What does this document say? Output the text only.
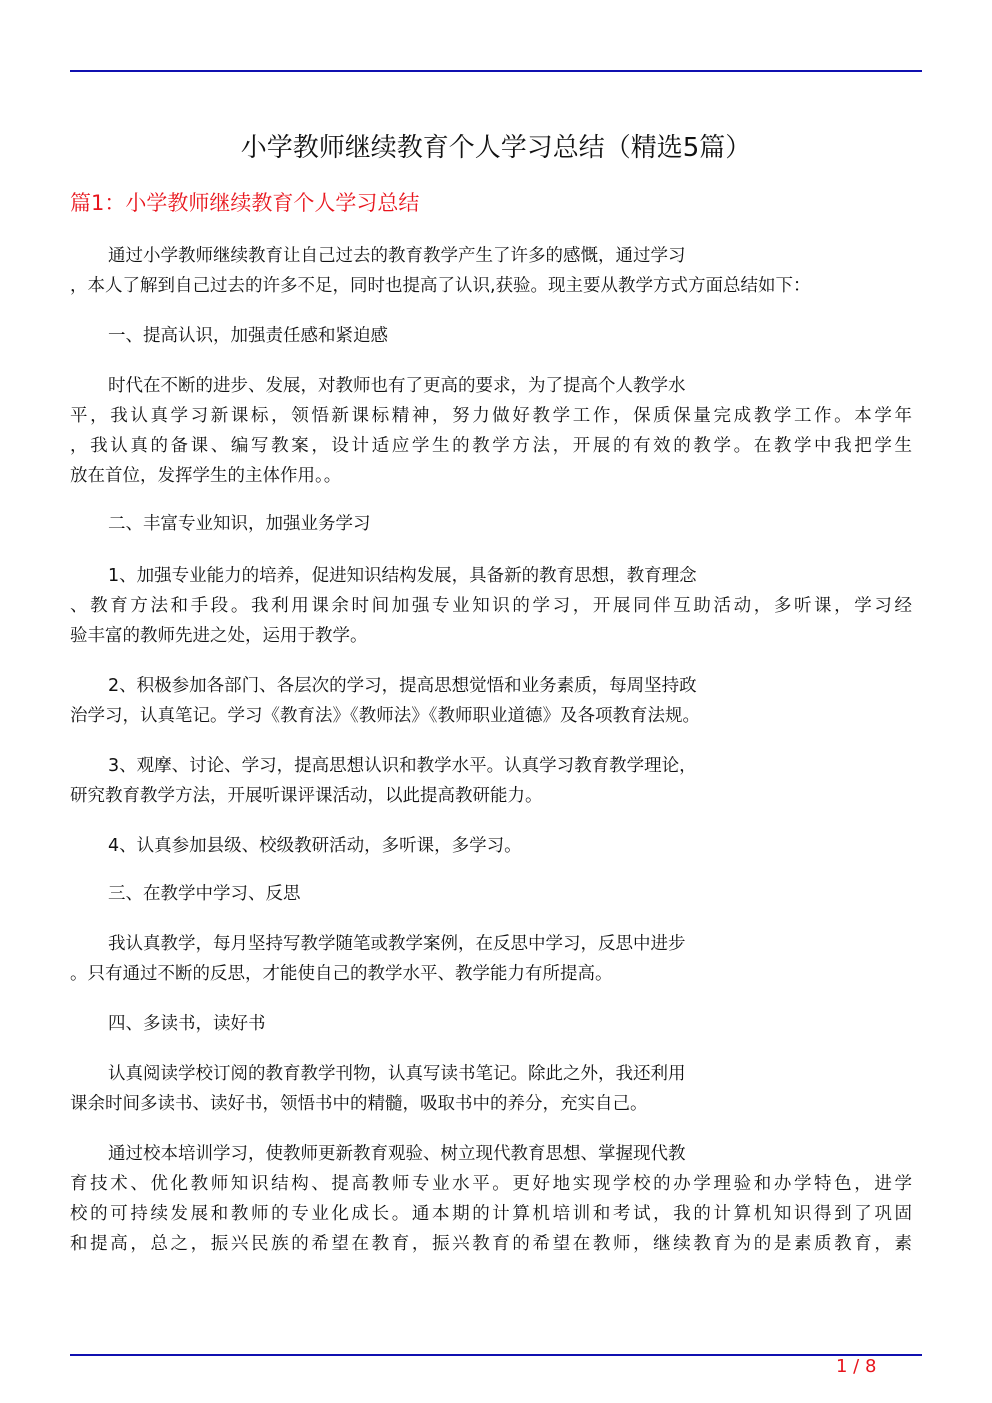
小学教师继续教育个人学习总结（精选5篇）
篇1：小学教师继续教育个人学习总结
通过小学教师继续教育让自己过去的教育教学产生了许多的感慨，通过学习
，本人了解到自己过去的许多不足，同时也提高了认识,获验。现主要从教学方式方面总结如下：
一、提高认识，加强责任感和紧迫感
时代在不断的进步、发展，对教师也有了更高的要求，为了提高个人教学水
平，我认真学习新课标，领悟新课标精神，努力做好教学工作，保质保量完成教学工作。本学年
，我认真的备课、编写教案，设计适应学生的教学方法，开展的有效的教学。在教学中我把学生
放在首位，发挥学生的主体作用。。
二、丰富专业知识，加强业务学习
1、加强专业能力的培养，促进知识结构发展，具备新的教育思想，教育理念
、教育方法和手段。我利用课余时间加强专业知识的学习，开展同伴互助活动，多听课，学习经
验丰富的教师先进之处，运用于教学。
2、积极参加各部门、各层次的学习，提高思想觉悟和业务素质，每周坚持政
治学习，认真笔记。学习《教育法》《教师法》《教师职业道德》及各项教育法规。
3、观摩、讨论、学习，提高思想认识和教学水平。认真学习教育教学理论，
研究教育教学方法，开展听课评课活动，以此提高教研能力。
4、认真参加县级、校级教研活动，多听课，多学习。
三、在教学中学习、反思
我认真教学，每月坚持写教学随笔或教学案例，在反思中学习，反思中进步
。只有通过不断的反思，才能使自己的教学水平、教学能力有所提高。
四、多读书，读好书
认真阅读学校订阅的教育教学刊物，认真写读书笔记。除此之外，我还利用
课余时间多读书、读好书，领悟书中的精髓，吸取书中的养分，充实自己。
通过校本培训学习，使教师更新教育观验、树立现代教育思想、掌握现代教
育技术、优化教师知识结构、提高教师专业水平。更好地实现学校的办学理验和办学特色，进学
校的可持续发展和教师的专业化成长。通本期的计算机培训和考试，我的计算机知识得到了巩固
和提高，总之，振兴民族的希望在教育，振兴教育的希望在教师，继续教育为的是素质教育，素
1 / 8
